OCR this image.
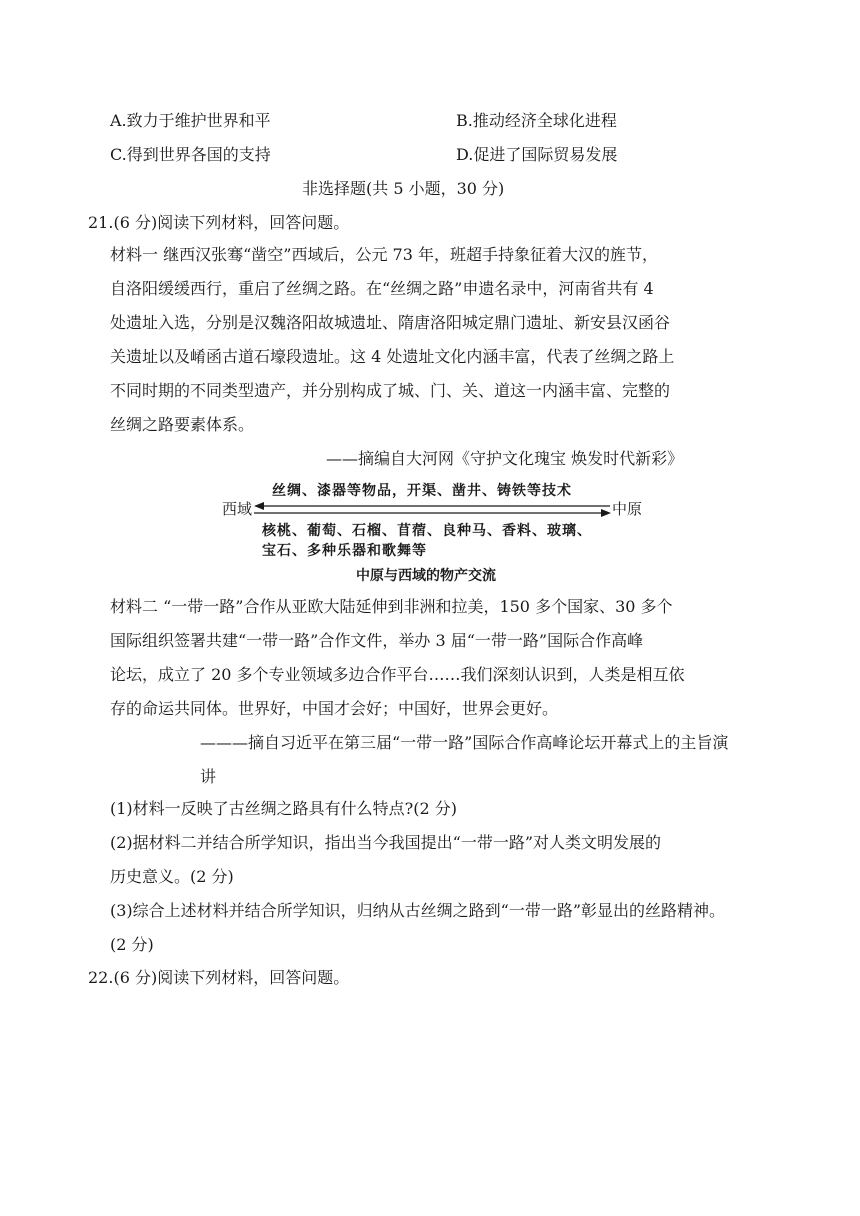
A.致力于维护世界和平	B.推动经济全球化进程
C.得到世界各国的支持	D.促进了国际贸易发展
非选择题(共 5 小题，30 分)
21.(6 分)阅读下列材料，回答问题。
材料一 继西汉张骞“凿空”西域后，公元 73 年，班超手持象征着大汉的旌节，
自洛阳缓缓西行，重启了丝绸之路。在“丝绸之路”申遗名录中，河南省共有 4
处遗址入选，分别是汉魏洛阳故城遗址、隋唐洛阳城定鼎门遗址、新安县汉函谷
关遗址以及崤函古道石壕段遗址。这 4 处遗址文化内涵丰富，代表了丝绸之路上
不同时期的不同类型遗产，并分别构成了城、门、关、道这一内涵丰富、完整的
丝绸之路要素体系。
——摘编自大河网《守护文化瑰宝 焕发时代新彩》
丝绸、漆器等物品，开渠、凿井、铸铁等技术
西域	中原
核桃、葡萄、石榴、苜蓿、良种马、香料、玻璃、
宝石、多种乐器和歌舞等
中原与西域的物产交流
材料二 “一带一路”合作从亚欧大陆延伸到非洲和拉美，150 多个国家、30 多个
国际组织签署共建“一带一路”合作文件，举办 3 届“一带一路”国际合作高峰
论坛，成立了 20 多个专业领域多边合作平台……我们深刻认识到，人类是相互依
存的命运共同体。世界好，中国才会好；中国好，世界会更好。
———摘自习近平在第三届“一带一路”国际合作高峰论坛开幕式上的主旨演
讲
(1)材料一反映了古丝绸之路具有什么特点?(2 分)
(2)据材料二并结合所学知识，指出当今我国提出“一带一路”对人类文明发展的
历史意义。(2 分)
(3)综合上述材料并结合所学知识，归纳从古丝绸之路到“一带一路”彰显出的丝路精神。
(2 分)
22.(6 分)阅读下列材料，回答问题。
